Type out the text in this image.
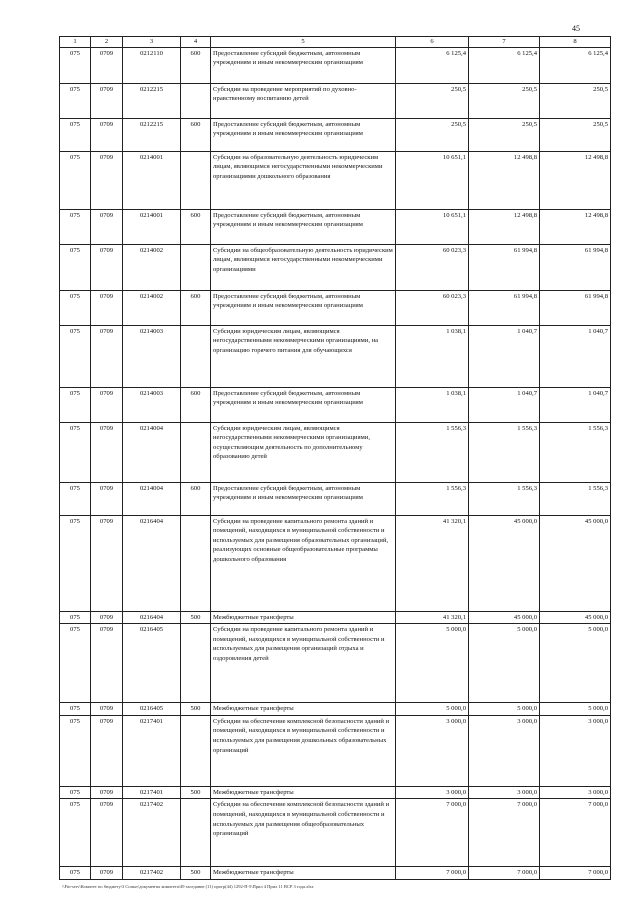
45
1	2	3	4	5	6	7	8
075	0709	0212110	600	Предоставление субсидий бюджетным, автономным учреждениям и иным некоммерческим организациям	6 125,4	6 125,4	6 125,4
075	0709	0212215		Субсидии на проведение мероприятий по духовно-нравственному воспитанию детей	250,5	250,5	250,5
075	0709	0212215	600	Предоставление субсидий бюджетным, автономным учреждениям и иным некоммерческим организациям	250,5	250,5	250,5
075	0709	0214001		Субсидии на образовательную деятельность юридическим лицам, являющимся негосударственными некоммерческими организациями дошкольного образования	10 651,1	12 498,8	12 498,8
075	0709	0214001	600	Предоставление субсидий бюджетным, автономным учреждениям и иным некоммерческим организациям	10 651,1	12 498,8	12 498,8
075	0709	0214002		Субсидии на общеобразовательную деятельность юридическим лицам, являющимся негосударственными некоммерческими организациями	60 023,3	61 994,8	61 994,8
075	0709	0214002	600	Предоставление субсидий бюджетным, автономным учреждениям и иным некоммерческим организациям	60 023,3	61 994,8	61 994,8
075	0709	0214003		Субсидии юридическим лицам, являющимся негосударственными некоммерческими организациями, на организацию горячего питания для обучающихся	1 038,1	1 040,7	1 040,7
075	0709	0214003	600	Предоставление субсидий бюджетным, автономным учреждениям и иным некоммерческим организациям	1 038,1	1 040,7	1 040,7
075	0709	0214004		Субсидии юридическим лицам, являющимся негосударственными некоммерческими организациями, осуществляющим деятельность по дополнительному образованию детей	1 556,3	1 556,3	1 556,3
075	0709	0214004	600	Предоставление субсидий бюджетным, автономным учреждениям и иным некоммерческим организациям	1 556,3	1 556,3	1 556,3
075	0709	0216404		Субсидии на проведение капитального ремонта зданий и помещений, находящихся в муниципальной собственности и используемых для размещения образовательных организаций, реализующих основные общеобразовательные программы дошкольного образования	41 320,1	45 000,0	45 000,0
075	0709	0216404	500	Межбюджетные трансферты	41 320,1	45 000,0	45 000,0
075	0709	0216405		Субсидии на проведение капитального ремонта зданий и помещений, находящихся в муниципальной собственности и используемых для размещения организаций отдыха и оздоровления детей	5 000,0	5 000,0	5 000,0
075	0709	0216405	500	Межбюджетные трансферты	5 000,0	5 000,0	5 000,0
075	0709	0217401		Субсидии на обеспечение комплексной безопасности зданий и помещений, находящихся в муниципальной собственности и используемых для размещения дошкольных образовательных организаций	3 000,0	3 000,0	3 000,0
075	0709	0217401	500	Межбюджетные трансферты	3 000,0	3 000,0	3 000,0
075	0709	0217402		Субсидии на обеспечение комплексной безопасности зданий и помещений, находящихся в муниципальной собственности и используемых для размещения общеобразовательных организаций	7 000,0	7 000,0	7 000,0
075	0709	0217402	500	Межбюджетные трансферты	7 000,0	7 000,0	7 000,0
\\Fin-serv\Комитет по бюджету\3 Сопыт\документы комитета\49 заседание (11) прогр(44) 1292-П-5\Прил 4 Прил 11 ВСР 3 года.xlsx
